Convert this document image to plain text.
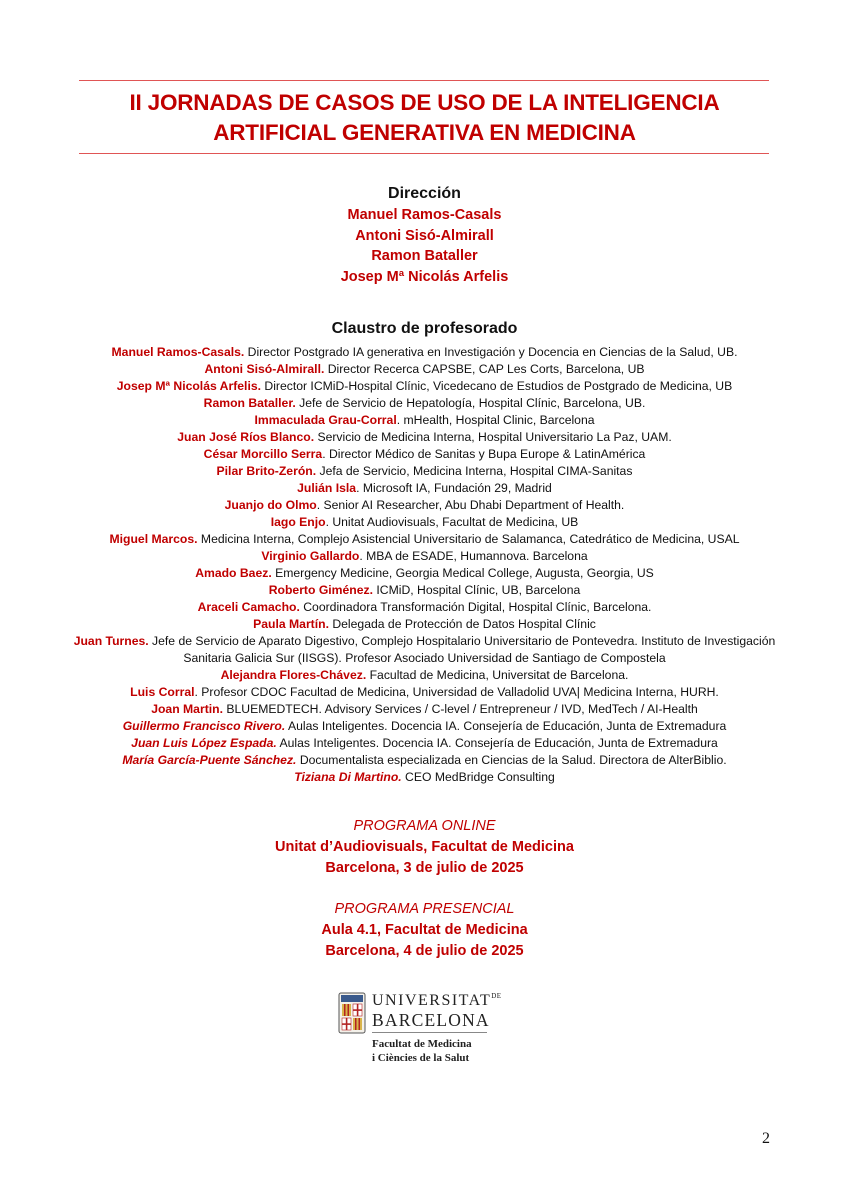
II JORNADAS DE CASOS DE USO DE LA INTELIGENCIA
ARTIFICIAL GENERATIVA EN MEDICINA
Dirección
Manuel Ramos-Casals
Antoni Sisó-Almirall
Ramon Bataller
Josep Mª Nicolás Arfelis
Claustro de profesorado
Manuel Ramos-Casals. Director Postgrado IA generativa en Investigación y Docencia en Ciencias de la Salud, UB.
Antoni Sisó-Almirall. Director Recerca CAPSBE, CAP Les Corts, Barcelona, UB
Josep Mª Nicolás Arfelis. Director ICMiD-Hospital Clínic, Vicedecano de Estudios de Postgrado de Medicina, UB
Ramon Bataller. Jefe de Servicio de Hepatología, Hospital Clínic, Barcelona, UB.
Immaculada Grau-Corral. mHealth, Hospital Clinic, Barcelona
Juan José Ríos Blanco. Servicio de Medicina Interna, Hospital Universitario La Paz, UAM.
César Morcillo Serra. Director Médico de Sanitas y Bupa Europe & LatinAmérica
Pilar Brito-Zerón. Jefa de Servicio, Medicina Interna, Hospital CIMA-Sanitas
Julián Isla. Microsoft IA, Fundación 29, Madrid
Juanjo do Olmo. Senior AI Researcher, Abu Dhabi Department of Health.
Iago Enjo. Unitat Audiovisuals, Facultat de Medicina, UB
Miguel Marcos. Medicina Interna, Complejo Asistencial Universitario de Salamanca, Catedrático de Medicina, USAL
Virginio Gallardo. MBA de ESADE, Humannova. Barcelona
Amado Baez. Emergency Medicine, Georgia Medical College, Augusta, Georgia, US
Roberto Giménez. ICMiD, Hospital Clínic, UB, Barcelona
Araceli Camacho. Coordinadora Transformación Digital, Hospital Clínic, Barcelona.
Paula Martín. Delegada de Protección de Datos Hospital Clínic
Juan Turnes. Jefe de Servicio de Aparato Digestivo, Complejo Hospitalario Universitario de Pontevedra. Instituto de Investigación Sanitaria Galicia Sur (IISGS). Profesor Asociado Universidad de Santiago de Compostela
Alejandra Flores-Chávez. Facultad de Medicina, Universitat de Barcelona.
Luis Corral. Profesor CDOC Facultad de Medicina, Universidad de Valladolid UVA| Medicina Interna, HURH.
Joan Martin. BLUEMEDTECH. Advisory Services / C-level / Entrepreneur / IVD, MedTech / AI-Health
Guillermo Francisco Rivero. Aulas Inteligentes. Docencia IA. Consejería de Educación, Junta de Extremadura
Juan Luis López Espada. Aulas Inteligentes. Docencia IA. Consejería de Educación, Junta de Extremadura
María García-Puente Sánchez. Documentalista especializada en Ciencias de la Salud. Directora de AlterBiblio.
Tiziana Di Martino. CEO MedBridge Consulting
PROGRAMA ONLINE
Unitat d’Audiovisuals, Facultat de Medicina
Barcelona, 3 de julio de 2025
PROGRAMA PRESENCIAL
Aula 4.1, Facultat de Medicina
Barcelona, 4 de julio de 2025
$UNIVERSITAT^{DE}$
BARCELONA
Facultat de Medicina
i Ciències de la Salut
2
